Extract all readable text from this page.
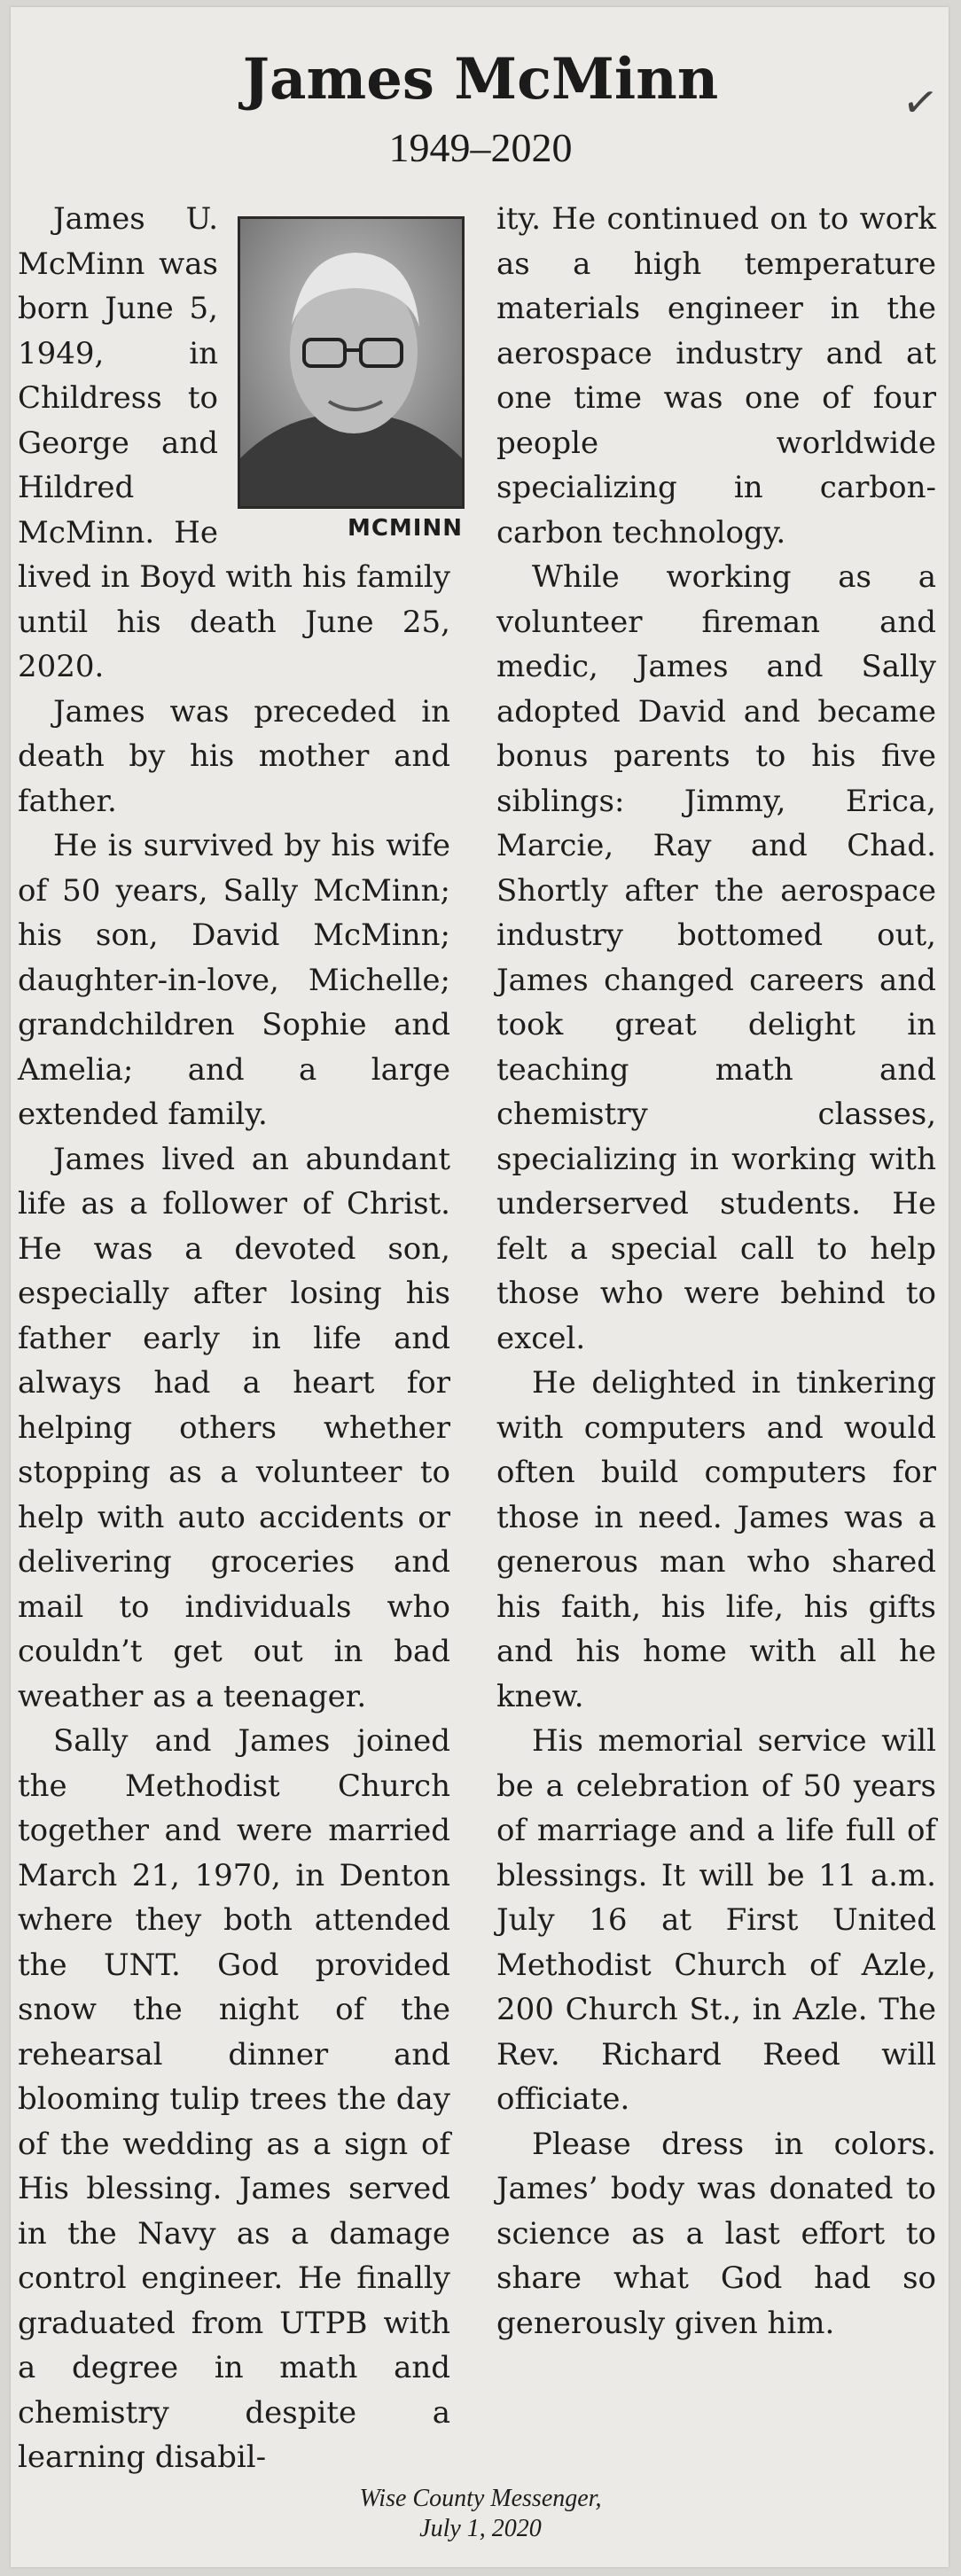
✓
James McMinn
1949–2020
MCMINN

James U. McMinn was born June 5, 1949, in Childress to George and Hildred McMinn. He lived in Boyd with his family until his death June 25, 2020.

James was preceded in death by his mother and father.

He is survived by his wife of 50 years, Sally McMinn; his son, David McMinn; daughter-in-love, Michelle; grandchildren Sophie and Amelia; and a large extended family.

James lived an abundant life as a follower of Christ. He was a devoted son, especially after losing his father early in life and always had a heart for helping others whether stopping as a volunteer to help with auto accidents or delivering groceries and mail to individuals who couldn’t get out in bad weather as a teenager.

Sally and James joined the Methodist Church together and were married March 21, 1970, in Denton where they both attended the UNT. God provided snow the night of the rehearsal dinner and blooming tulip trees the day of the wedding as a sign of His blessing. James served in the Navy as a damage control engineer. He finally graduated from UTPB with a degree in math and chemistry despite a learning disabil-

ity. He continued on to work as a high temperature materials engineer in the aerospace industry and at one time was one of four people worldwide specializing in carbon-carbon technology.

While working as a volunteer fireman and medic, James and Sally adopted David and became bonus parents to his five siblings: Jimmy, Erica, Marcie, Ray and Chad. Shortly after the aerospace industry bottomed out, James changed careers and took great delight in teaching math and chemistry classes, specializing in working with underserved students. He felt a special call to help those who were behind to excel.

He delighted in tinkering with computers and would often build computers for those in need. James was a generous man who shared his faith, his life, his gifts and his home with all he knew.

His memorial service will be a celebration of 50 years of marriage and a life full of blessings. It will be 11 a.m. July 16 at First United Methodist Church of Azle, 200 Church St., in Azle. The Rev. Richard Reed will officiate.

Please dress in colors. James’ body was donated to science as a last effort to share what God had so generously given him.

Wise County Messenger,
July 1, 2020
